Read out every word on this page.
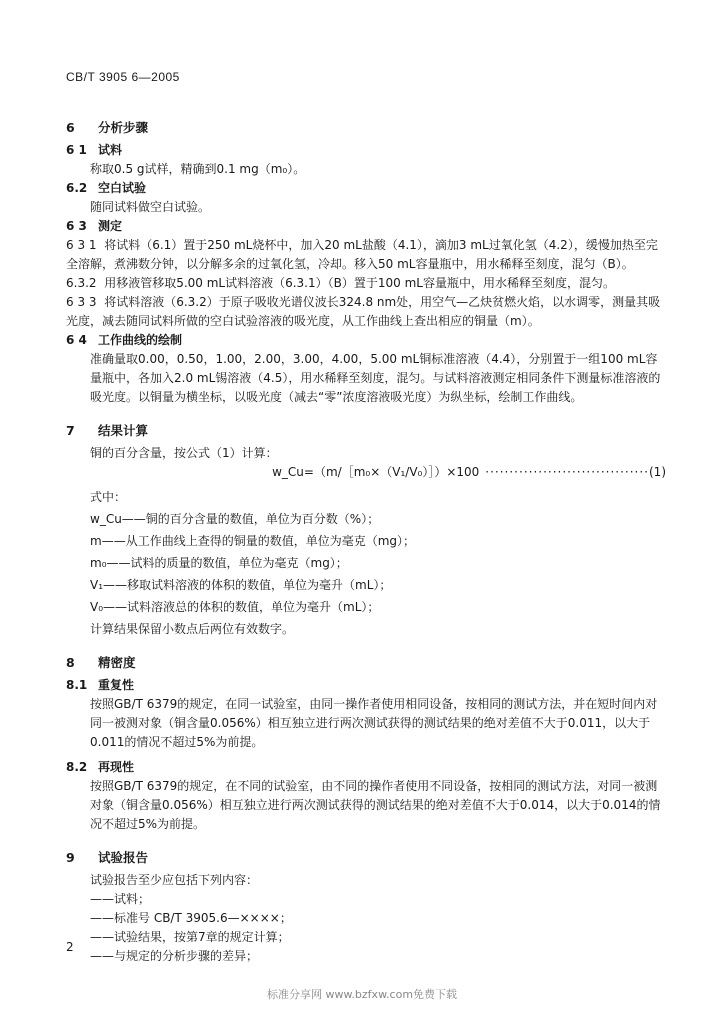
CB/T 3905 6—2005
6 分析步骤
6 1 试料

称取0.5 g试样，精确到0.1 mg（m₀）。

6.2 空白试验

随同试料做空白试验。

6 3 测定

6 3 1 将试料（6.1）置于250 mL烧杯中，加入20 mL盐酸（4.1），滴加3 mL过氧化氢（4.2），缓慢加热至完全溶解，煮沸数分钟，以分解多余的过氧化氢，冷却。移入50 mL容量瓶中，用水稀释至刻度，混匀（B）。

6.3.2 用移液管移取5.00 mL试料溶液（6.3.1）（B）置于100 mL容量瓶中，用水稀释至刻度，混匀。

6 3 3 将试料溶液（6.3.2）于原子吸收光谱仪波长324.8 nm处，用空气—乙炔贫燃火焰，以水调零，测量其吸光度，减去随同试料所做的空白试验溶液的吸光度，从工作曲线上查出相应的铜量（m）。

6 4 工作曲线的绘制

准确量取0.00，0.50，1.00，2.00，3.00，4.00，5.00 mL铜标准溶液（4.4），分别置于一组100 mL容量瓶中，各加入2.0 mL锡溶液（4.5），用水稀释至刻度，混匀。与试料溶液测定相同条件下测量标准溶液的吸光度。以铜量为横坐标，以吸光度（减去“零”浓度溶液吸光度）为纵坐标，绘制工作曲线。

7 结果计算

铜的百分含量，按公式（1）计算：

w_Cu=（m/［m₀×（V₁/V₀）］）×100 ·································· (1)

式中：

w_Cu——铜的百分含量的数值，单位为百分数（%）；

m——从工作曲线上查得的铜量的数值，单位为毫克（mg）；

m₀——试料的质量的数值，单位为毫克（mg）；

V₁——移取试料溶液的体积的数值，单位为毫升（mL）；

V₀——试料溶液总的体积的数值，单位为毫升（mL）；

计算结果保留小数点后两位有效数字。

8 精密度
8.1 重复性

按照GB/T 6379的规定，在同一试验室，由同一操作者使用相同设备，按相同的测试方法，并在短时间内对同一被测对象（铜含量0.056%）相互独立进行两次测试获得的测试结果的绝对差值不大于0.011，以大于0.011的情况不超过5%为前提。

8.2 再现性

按照GB/T 6379的规定，在不同的试验室，由不同的操作者使用不同设备，按相同的测试方法，对同一被测对象（铜含量0.056%）相互独立进行两次测试获得的测试结果的绝对差值不大于0.014，以大于0.014的情况不超过5%为前提。

9 试验报告

试验报告至少应包括下列内容：

——试料；

——标准号 CB/T 3905.6—××××；

——试验结果，按第7章的规定计算；

——与规定的分析步骤的差异；

2
标准分享网 www.bzfxw.com免费下载
